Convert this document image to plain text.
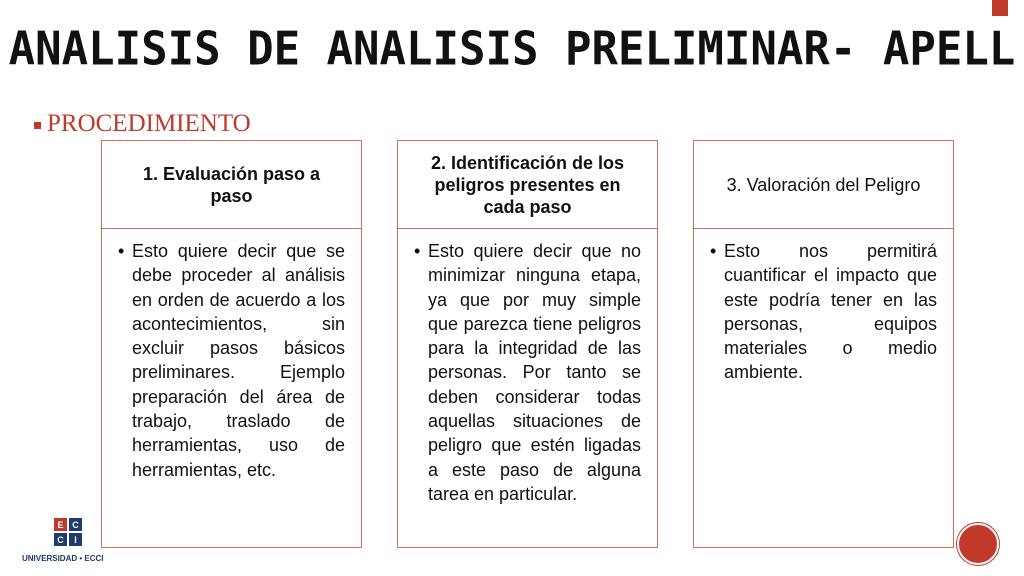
ANALISIS DE ANALISIS PRELIMINAR- APELL
PROCEDIMIENTO
1. Evaluación paso a paso
• Esto quiere decir que se debe proceder al análisis en orden de acuerdo a los acontecimientos, sin excluir pasos básicos preliminares. Ejemplo preparación del área de trabajo, traslado de herramientas, uso de herramientas, etc.
2. Identificación de los peligros presentes en cada paso
• Esto quiere decir que no minimizar ninguna etapa, ya que por muy simple que parezca tiene peligros para la integridad de las personas. Por tanto se deben considerar todas aquellas situaciones de peligro que estén ligadas a este paso de alguna tarea en particular.
3. Valoración del Peligro
• Esto nos permitirá cuantificar el impacto que este podría tener en las personas, equipos materiales o medio ambiente.
E C
C	I
UNIVERSIDAD • ECCI
